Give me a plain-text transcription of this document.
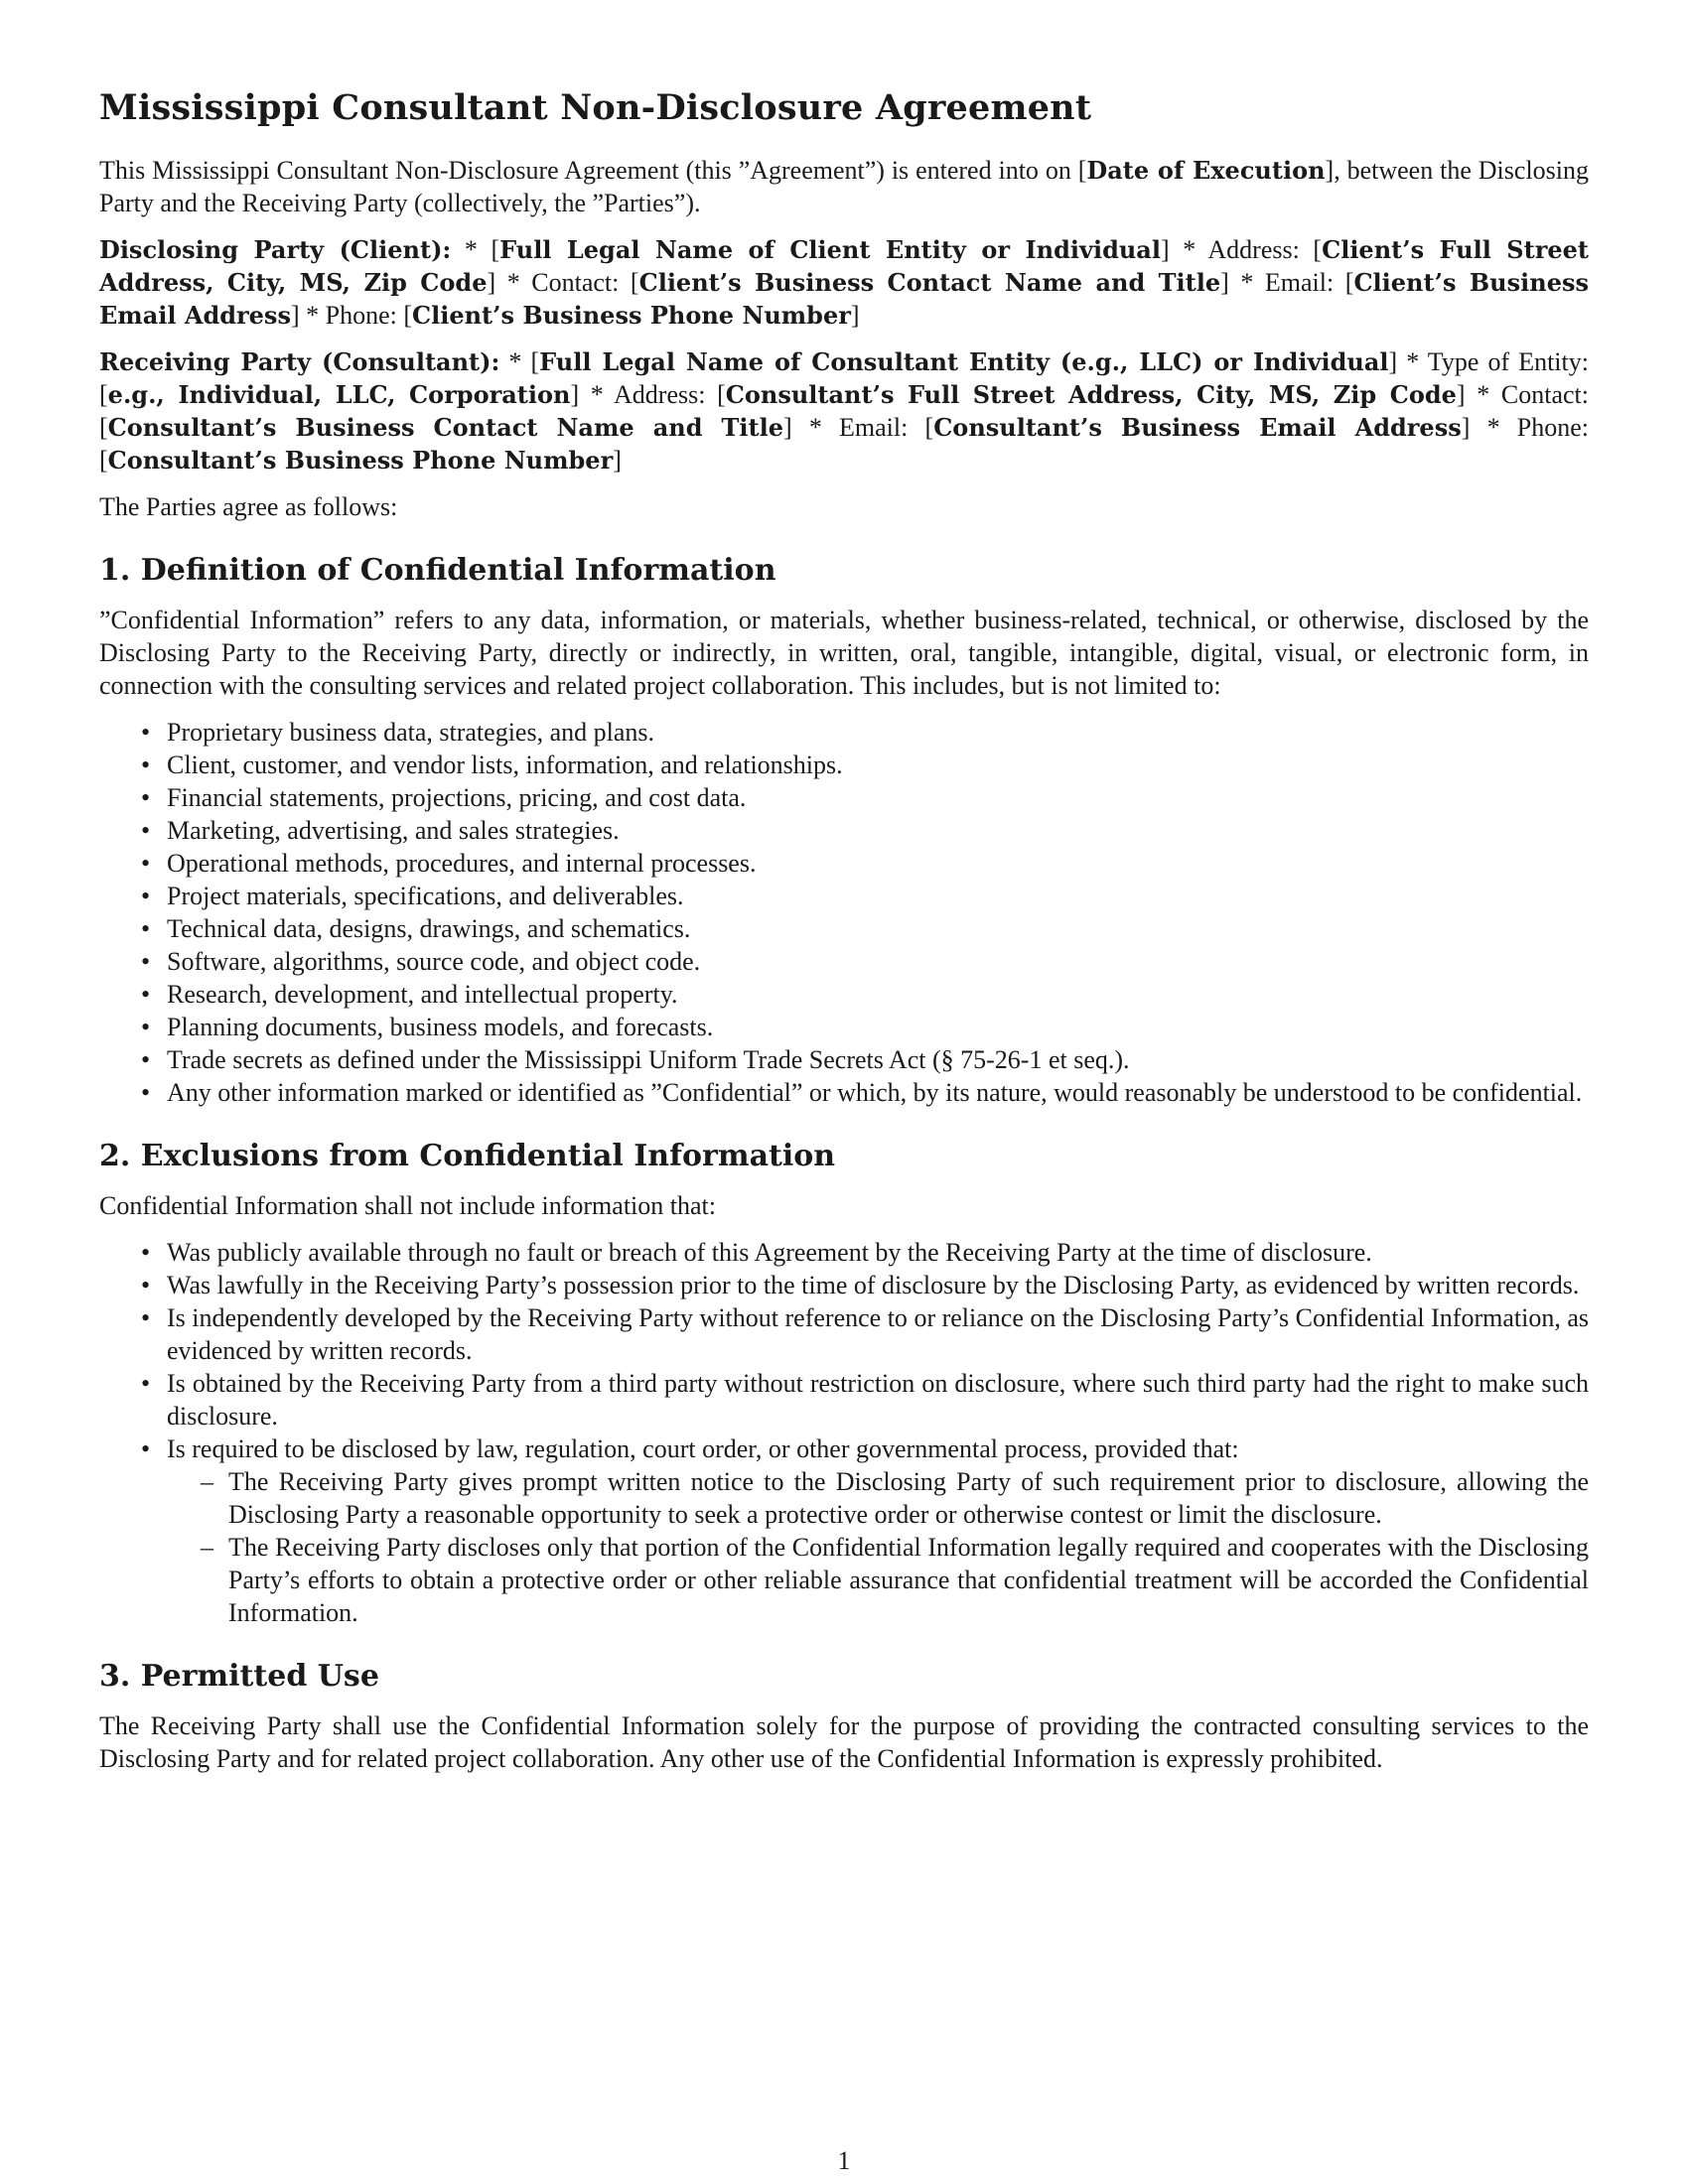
Mississippi Consultant Non-Disclosure Agreement

This Mississippi Consultant Non-Disclosure Agreement (this ”Agreement”) is entered into on [Date of Execution], between the Disclosing Party and the Receiving Party (collectively, the ”Parties”).

Disclosing Party (Client): * [Full Legal Name of Client Entity or Individual] * Address: [Client’s Full Street Address, City, MS, Zip Code] * Contact: [Client’s Business Contact Name and Title] * Email: [Client’s Business Email Address] * Phone: [Client’s Business Phone Number]

Receiving Party (Consultant): * [Full Legal Name of Consultant Entity (e.g., LLC) or Individual] * Type of Entity: [e.g., Individual, LLC, Corporation] * Address: [Consultant’s Full Street Address, City, MS, Zip Code] * Contact: [Consultant’s Business Contact Name and Title] * Email: [Consultant’s Business Email Address] * Phone: [Consultant’s Business Phone Number]

The Parties agree as follows:

1. Definition of Confidential Information

”Confidential Information” refers to any data, information, or materials, whether business-related, technical, or otherwise, disclosed by the Disclosing Party to the Receiving Party, directly or indirectly, in written, oral, tangible, intangible, digital, visual, or electronic form, in connection with the consulting services and related project collaboration. This includes, but is not limited to:

• Proprietary business data, strategies, and plans.
• Client, customer, and vendor lists, information, and relationships.
• Financial statements, projections, pricing, and cost data.
• Marketing, advertising, and sales strategies.
• Operational methods, procedures, and internal processes.
• Project materials, specifications, and deliverables.
• Technical data, designs, drawings, and schematics.
• Software, algorithms, source code, and object code.
• Research, development, and intellectual property.
• Planning documents, business models, and forecasts.
• Trade secrets as defined under the Mississippi Uniform Trade Secrets Act (§ 75-26-1 et seq.).
• Any other information marked or identified as ”Confidential” or which, by its nature, would reasonably be understood to be confidential.
2. Exclusions from Confidential Information

Confidential Information shall not include information that:

• Was publicly available through no fault or breach of this Agreement by the Receiving Party at the time of disclosure.
• Was lawfully in the Receiving Party’s possession prior to the time of disclosure by the Disclosing Party, as evidenced by written records.
• Is independently developed by the Receiving Party without reference to or reliance on the Disclosing Party’s Confidential Information, as evidenced by written records.
• Is obtained by the Receiving Party from a third party without restriction on disclosure, where such third party had the right to make such disclosure.
• Is required to be disclosed by law, regulation, court order, or other governmental process, provided that:
– The Receiving Party gives prompt written notice to the Disclosing Party of such requirement prior to disclosure, allowing the Disclosing Party a reasonable opportunity to seek a protective order or otherwise contest or limit the disclosure.
– The Receiving Party discloses only that portion of the Confidential Information legally required and cooperates with the Disclosing Party’s efforts to obtain a protective order or other reliable assurance that confidential treatment will be accorded the Confidential Information.
3. Permitted Use

The Receiving Party shall use the Confidential Information solely for the purpose of providing the contracted consulting services to the Disclosing Party and for related project collaboration. Any other use of the Confidential Information is expressly prohibited.

1
